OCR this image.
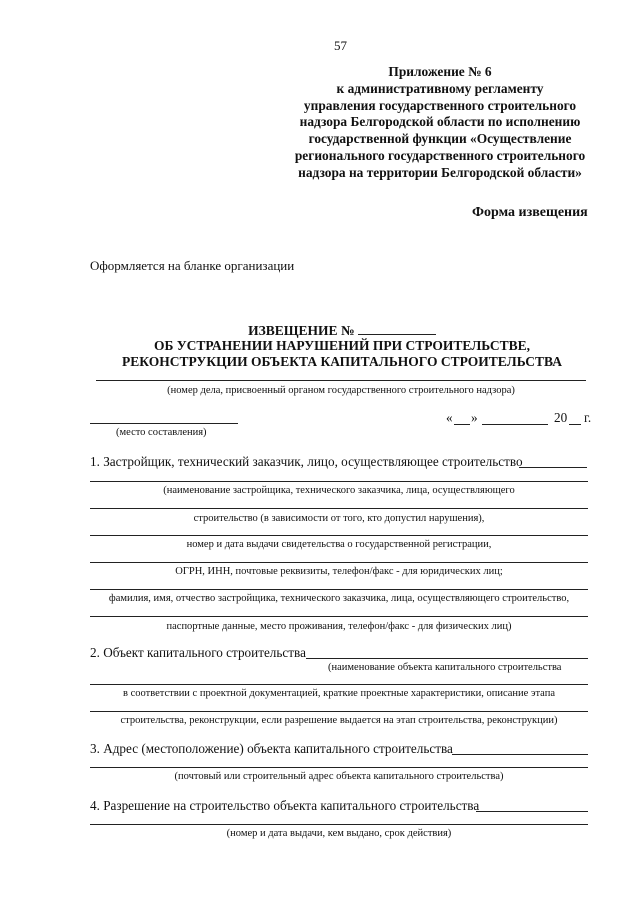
57
Приложение № 6
к административному регламенту
управления государственного строительного
надзора Белгородской области по исполнению
государственной функции «Осуществление
регионального государственного строительного
надзора на территории Белгородской области»
Форма извещения
Оформляется на бланке организации
ИЗВЕЩЕНИЕ №
ОБ УСТРАНЕНИИ НАРУШЕНИЙ ПРИ СТРОИТЕЛЬСТВЕ,
РЕКОНСТРУКЦИИ ОБЪЕКТА КАПИТАЛЬНОГО СТРОИТЕЛЬСТВА
(номер дела, присвоенный органом государственного строительного надзора)
(место составления)
« »	20 г.
1. Застройщик, технический заказчик, лицо, осуществляющее строительство
(наименование застройщика, технического заказчика, лица, осуществляющего
строительство (в зависимости от того, кто допустил нарушения),
номер и дата выдачи свидетельства о государственной регистрации,
ОГРН, ИНН, почтовые реквизиты, телефон/факс - для юридических лиц;
фамилия, имя, отчество застройщика, технического заказчика, лица, осуществляющего строительство,
паспортные данные, место проживания, телефон/факс - для физических лиц)
2. Объект капитального строительства
(наименование объекта капитального строительства
в соответствии с проектной документацией, краткие проектные характеристики, описание этапа
строительства, реконструкции, если разрешение выдается на этап строительства, реконструкции)
3. Адрес (местоположение) объекта капитального строительства
(почтовый или строительный адрес объекта капитального строительства)
4. Разрешение на строительство объекта капитального строительства
(номер и дата выдачи, кем выдано, срок действия)
